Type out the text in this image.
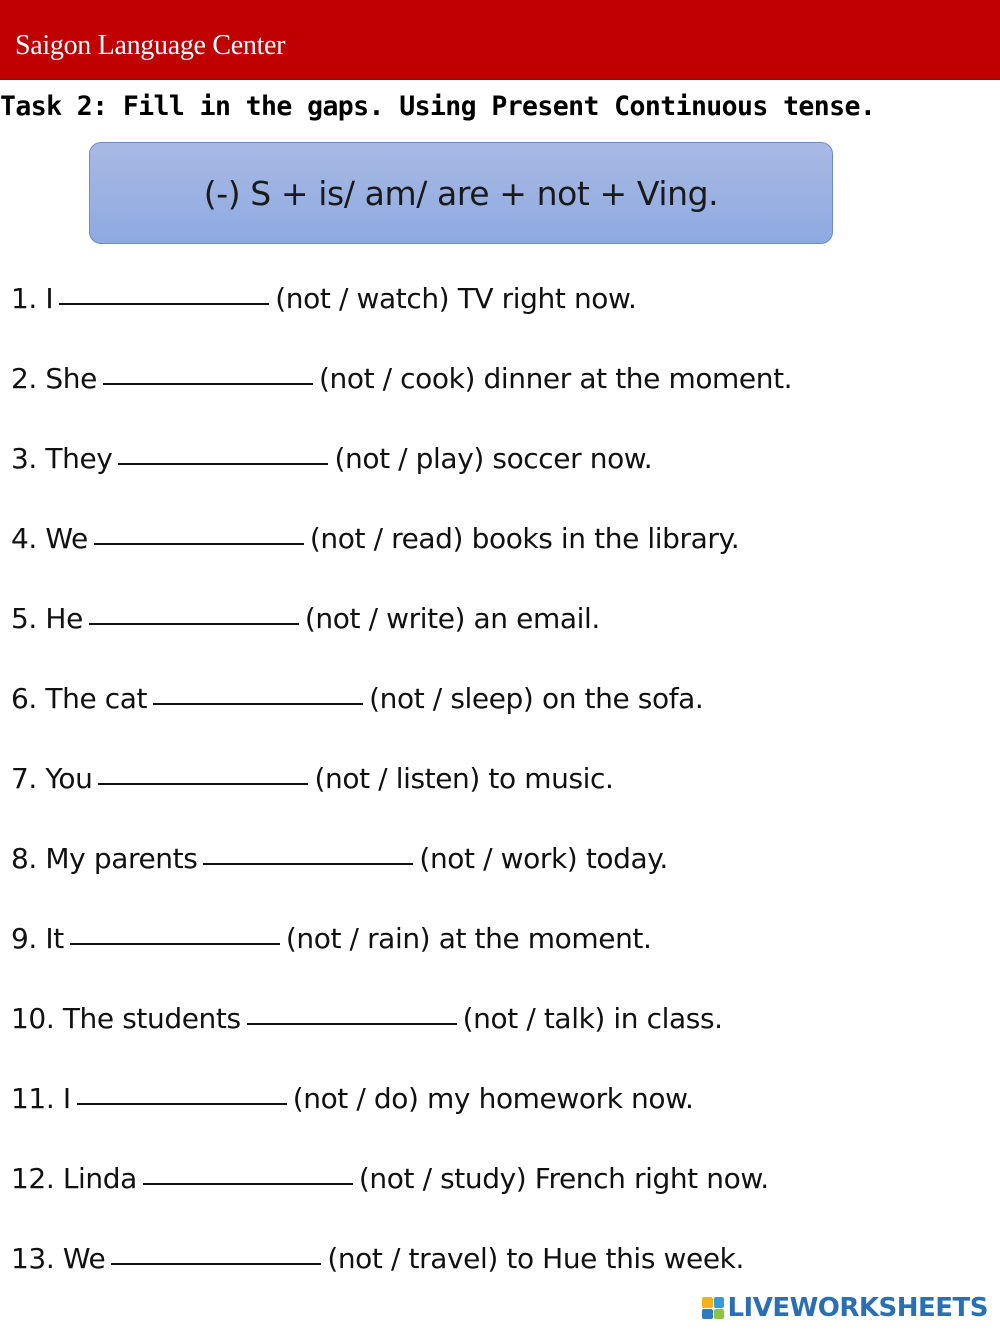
Saigon Language Center
Task 2: Fill in the gaps. Using Present Continuous tense.
(-) S + is/ am/ are + not + Ving.
1. I	(not / watch) TV right now.
2. She	(not / cook) dinner at the moment.
3. They	(not / play) soccer now.
4. We	(not / read) books in the library.
5. He	(not / write) an email.
6. The cat	(not / sleep) on the sofa.
7. You	(not / listen) to music.
8. My parents	(not / work) today.
9. It	(not / rain) at the moment.
10. The students	(not / talk) in class.
11. I	(not / do) my homework now.
12. Linda	(not / study) French right now.
13. We	(not / travel) to Hue this week.
LIVEWORKSHEETS
